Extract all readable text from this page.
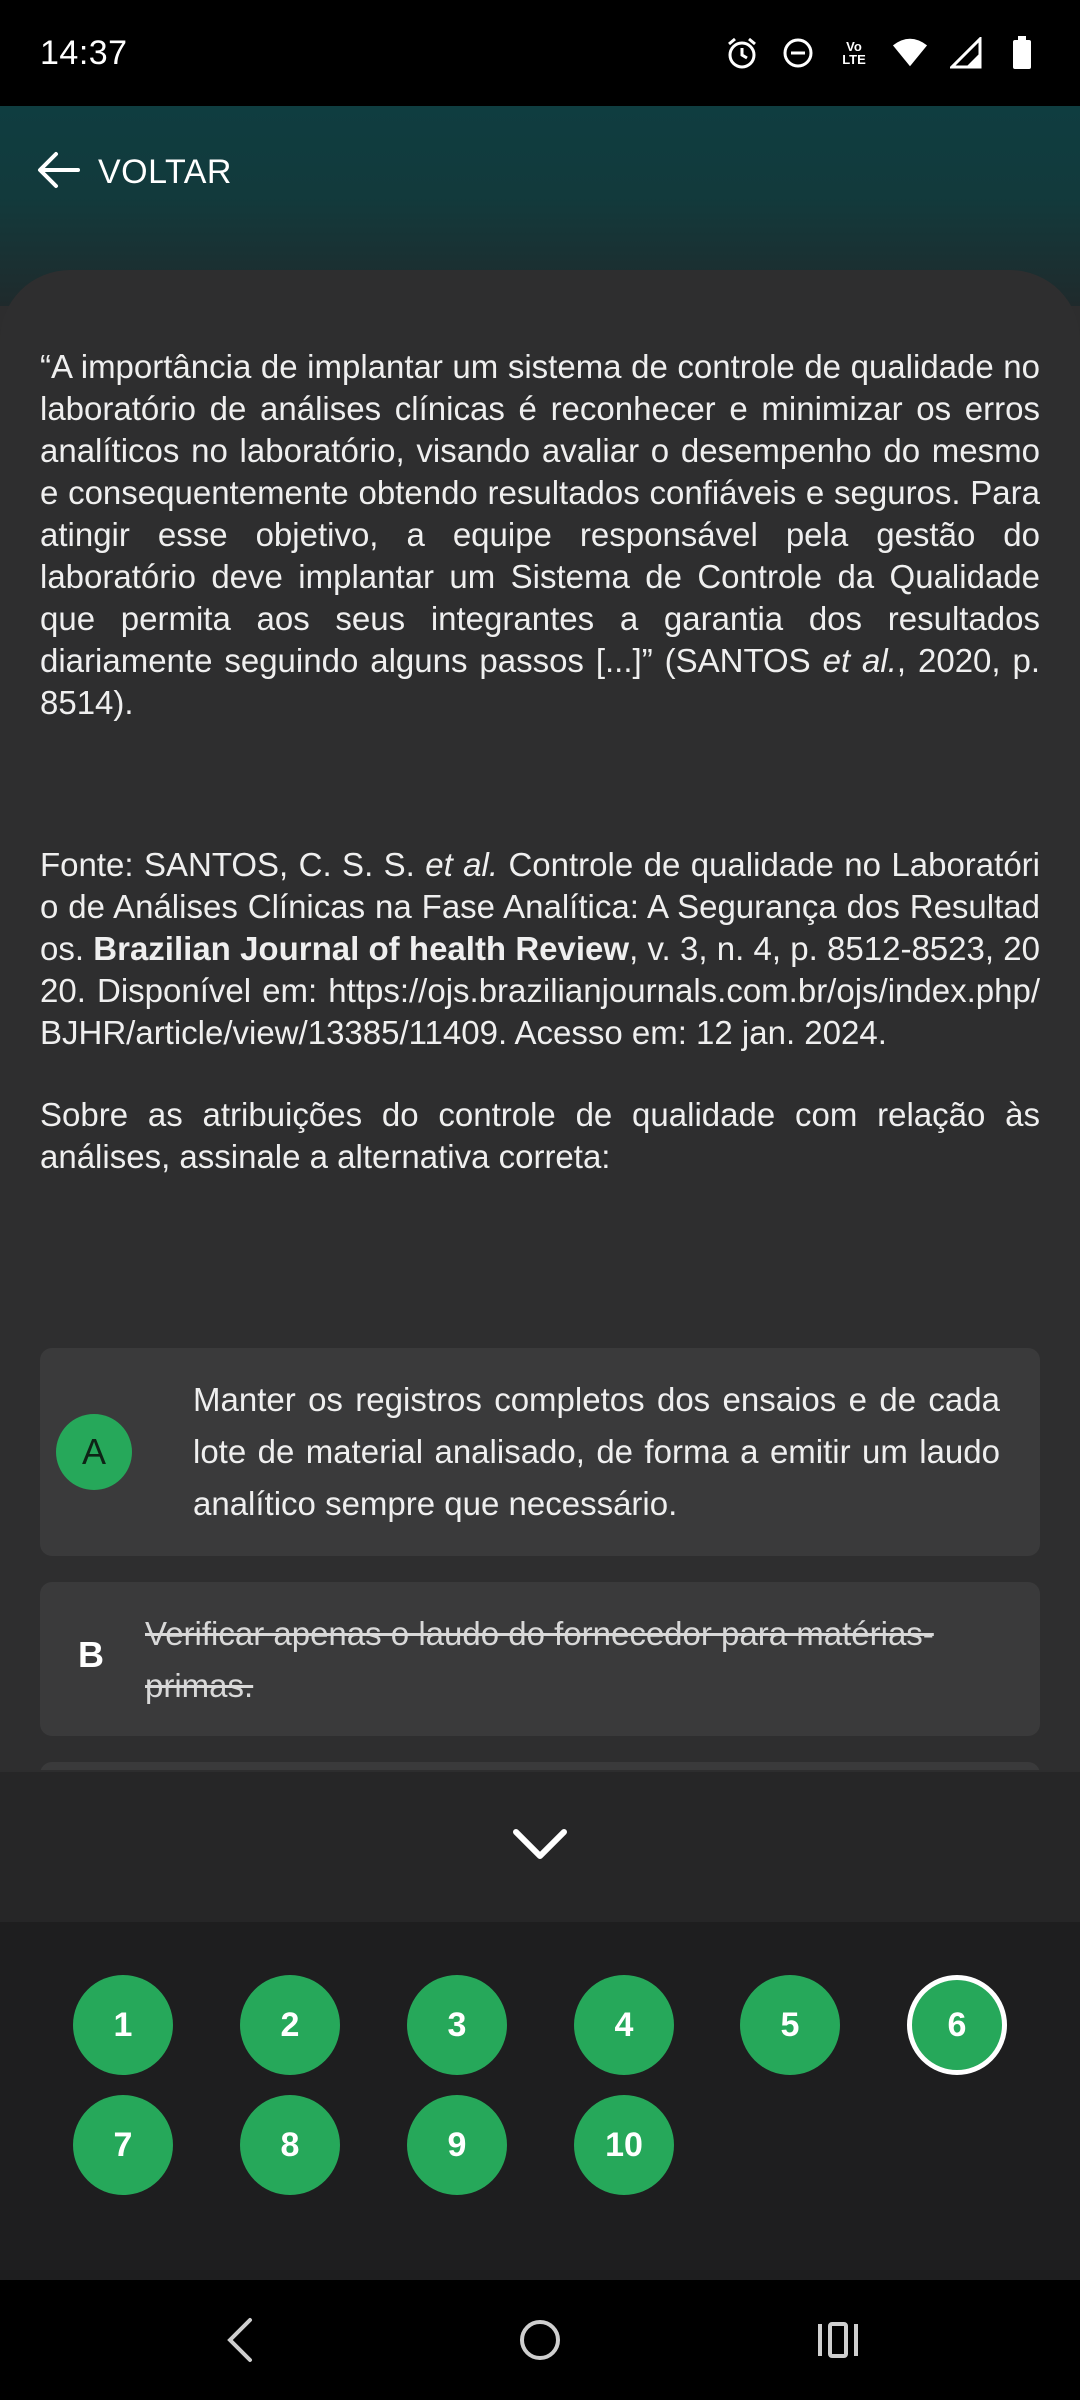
14:37	Vo
LTE
VOLTAR

“A importância de implantar um sistema de controle de qualidade no laboratório de análises clínicas é reconhecer e minimizar os erros analíticos no laboratório, visando avaliar o desempenho do mesmo e consequentemente obtendo resultados confiáveis e seguros. Para atingir esse objetivo, a equipe responsável pela gestão do laboratório deve implantar um Sistema de Controle da Qualidade que permita aos seus integrantes a garantia dos resultados diariamente seguindo alguns passos [...]” (SANTOS et al., 2020, p. 8514).

Fonte: SANTOS, C. S. S. et al. Controle de qualidade no Laboratório de Análises Clínicas na Fase Analítica: A Segurança dos Resultados. Brazilian Journal of health Review, v. 3, n. 4, p. 8512-8523, 2020. Disponível em: https://ojs.brazilianjournals.com.br/ojs/index.php/BJHR/article/view/13385/11409. Acesso em: 12 jan. 2024.

Sobre as atribuições do controle de qualidade com relação às análises, assinale a alternativa correta:

A
Manter os registros completos dos ensaios e de cada lote de material analisado, de forma a emitir um laudo analítico sempre que necessário.
B
Verificar apenas o laudo do fornecedor para matérias-primas.
1	2	3	4	5	6
7	8	9	10
